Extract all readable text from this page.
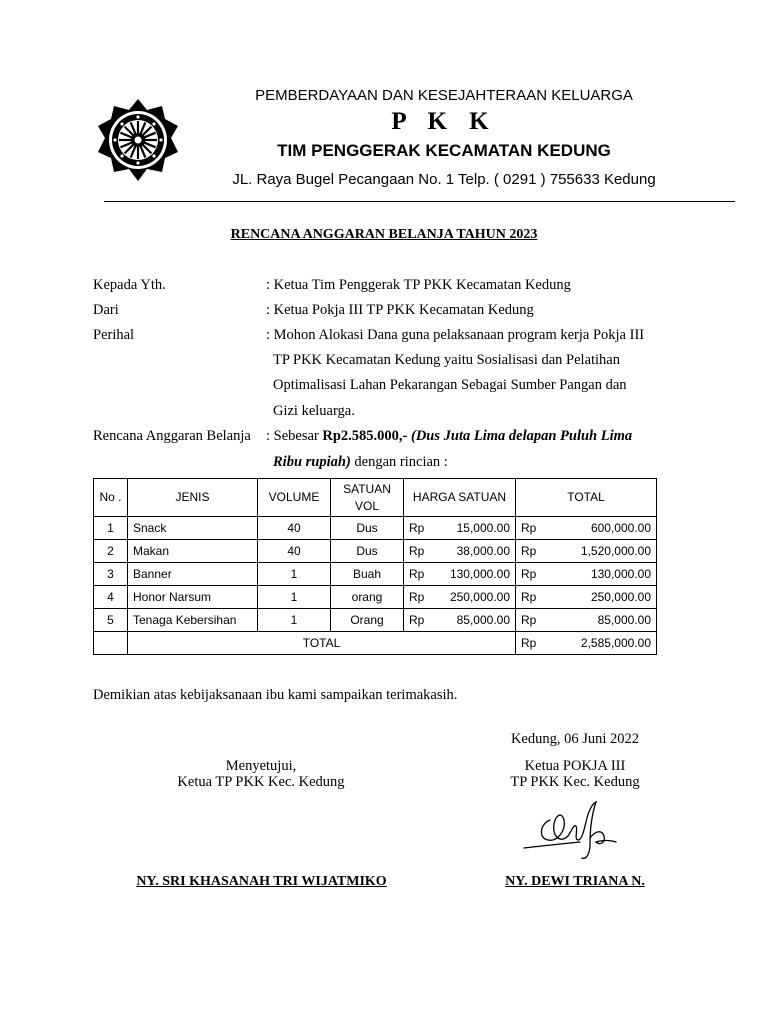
PEMBERDAYAAN DAN KESEJAHTERAAN KELUARGA
P K K
TIM PENGGERAK KECAMATAN KEDUNG
JL. Raya Bugel Pecangaan No. 1 Telp. ( 0291 ) 755633 Kedung
RENCANA ANGGARAN BELANJA TAHUN 2023
Kepada Yth.	: Ketua Tim Penggerak TP PKK Kecamatan Kedung
Dari	: Ketua Pokja III TP PKK Kecamatan Kedung
Perihal	: Mohon Alokasi Dana guna pelaksanaan program kerja Pokja III
TP PKK Kecamatan Kedung yaitu Sosialisasi dan Pelatihan
Optimalisasi Lahan Pekarangan Sebagai Sumber Pangan dan
Gizi keluarga.
Rencana Anggaran Belanja : Sebesar Rp2.585.000,- (Dus Juta Lima delapan Puluh Lima
Ribu rupiah) dengan rincian :
No .	JENIS	VOLUME	SATUAN VOL	HARGA SATUAN	TOTAL
1	Snack	40	Dus	Rp 15,000.00	Rp 600,000.00

2	Makan	40	Dus	Rp 38,000.00	Rp 1,520,000.00

3	Banner	1	Buah	Rp 130,000.00	Rp 130,000.00

4	Honor Narsum	1	orang	Rp 250,000.00	Rp 250,000.00

5	Tenaga Kebersihan	1	Orang	Rp 85,000.00	Rp 85,000.00

	TOTAL				Rp 2,585,000.00
Demikian atas kebijaksanaan ibu kami sampaikan terimakasih.
Kedung, 06 Juni 2022
Menyetujui,
Ketua TP PKK Kec. Kedung
Ketua POKJA III
TP PKK Kec. Kedung
NY. SRI KHASANAH TRI WIJATMIKO	NY. DEWI TRIANA N.
